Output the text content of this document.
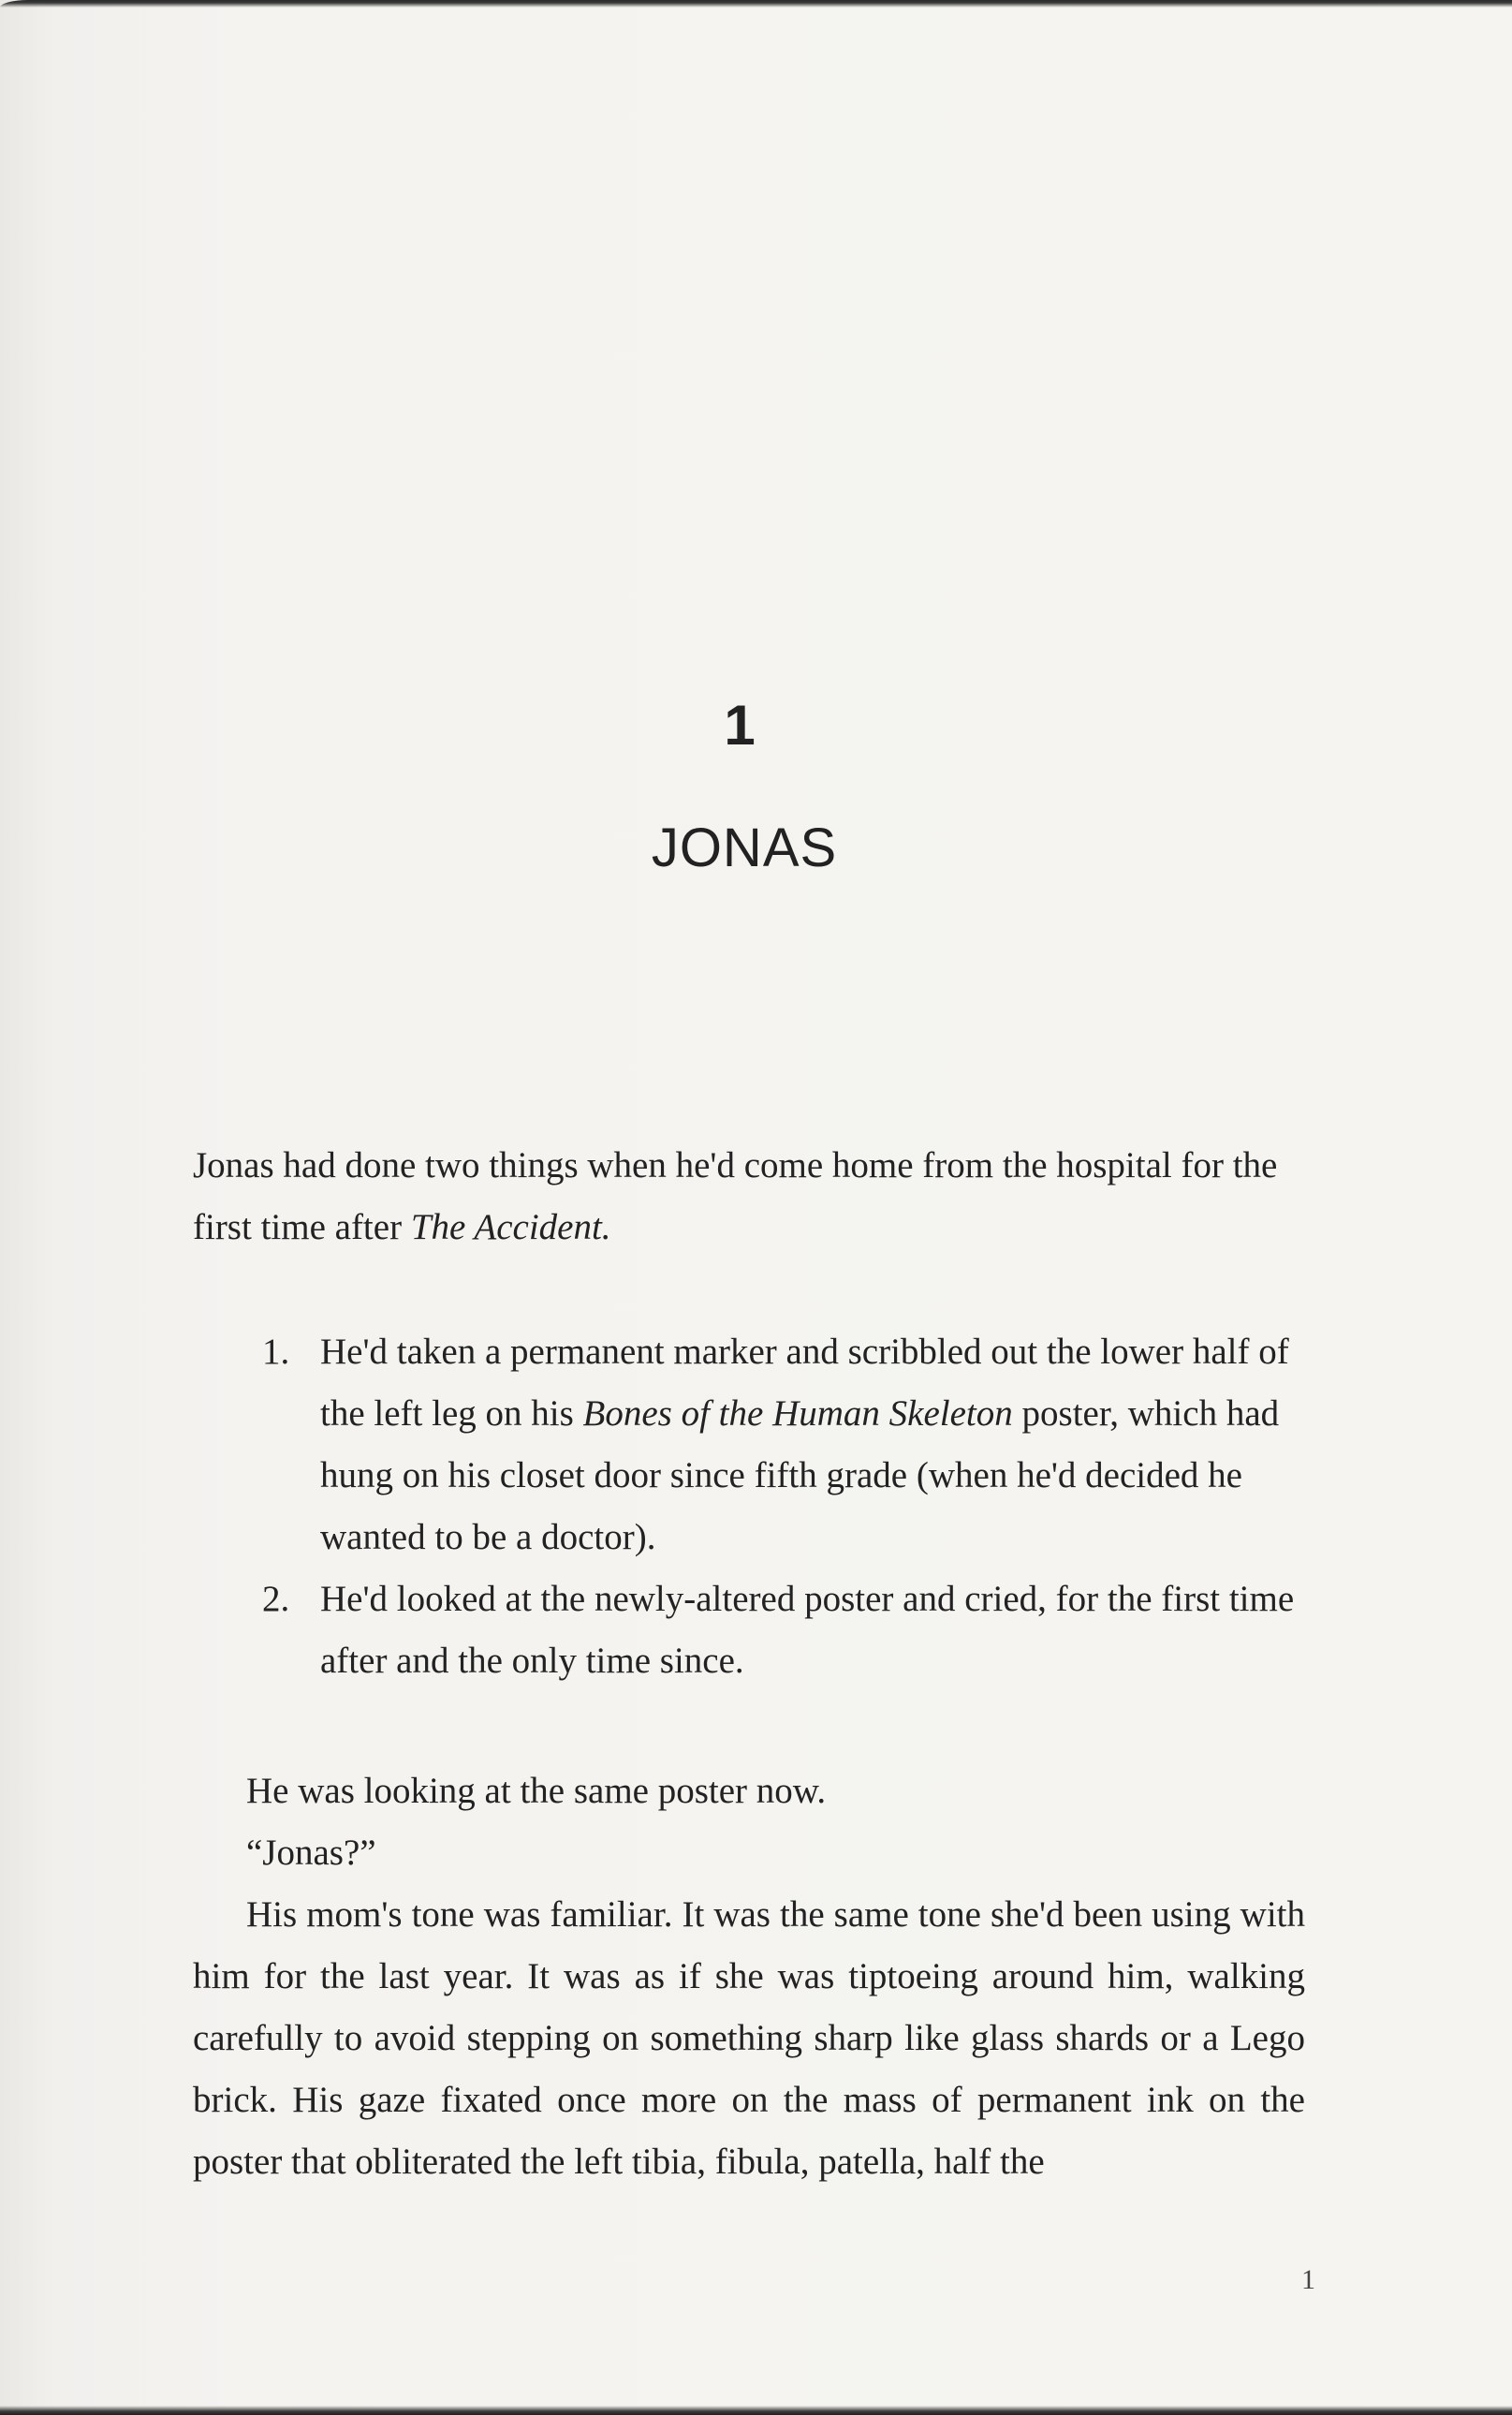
1
JONAS

Jonas had done two things when he'd come home from the hospital for the first time after The Accident.

1. He'd taken a permanent marker and scribbled out the lower half of the left leg on his Bones of the Human Skeleton poster, which had hung on his closet door since fifth grade (when he'd decided he wanted to be a doctor).
2. He'd looked at the newly-altered poster and cried, for the first time after and the only time since.

He was looking at the same poster now.

“Jonas?”

His mom's tone was familiar. It was the same tone she'd been using with him for the last year. It was as if she was tiptoeing around him, walking carefully to avoid stepping on something sharp like glass shards or a Lego brick. His gaze fixated once more on the mass of permanent ink on the poster that obliterated the left tibia, fibula, patella, half the

1
